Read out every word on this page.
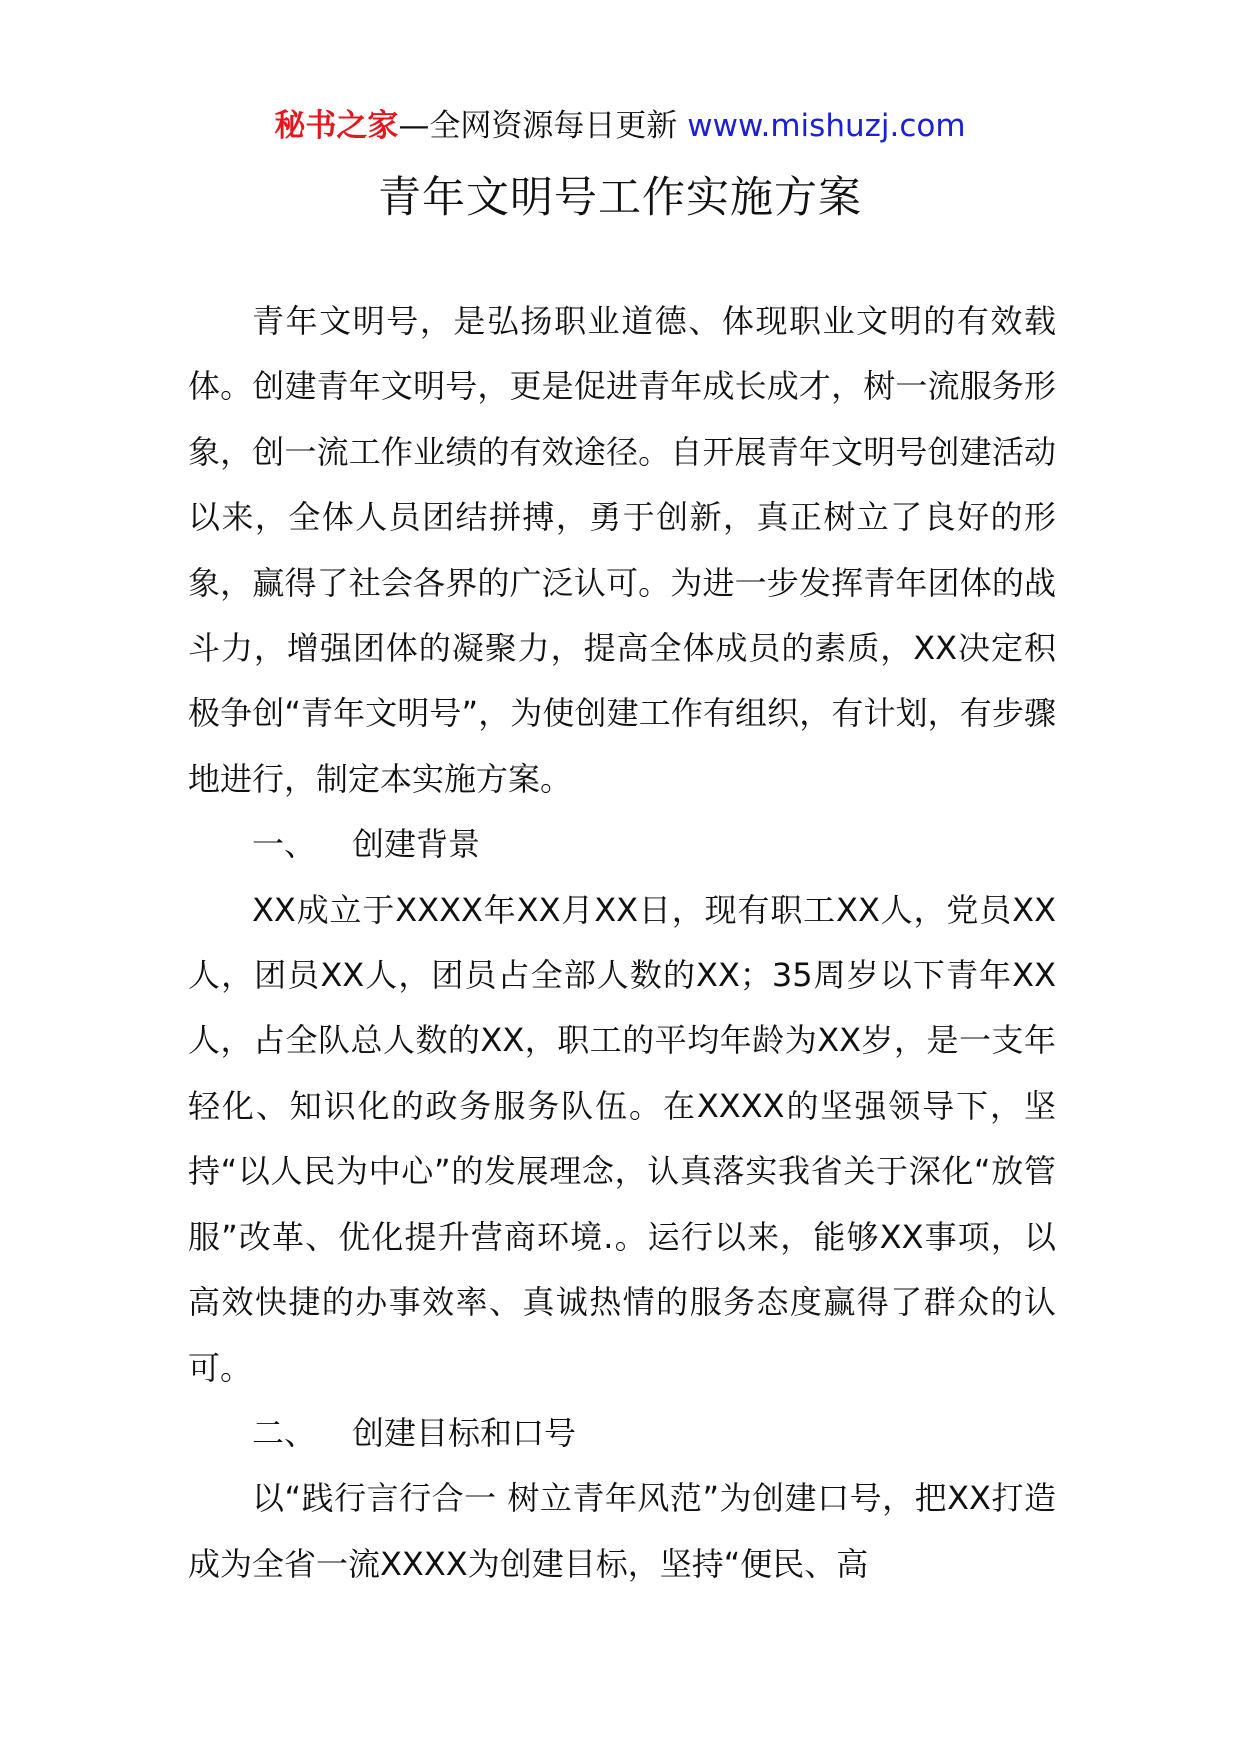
秘书之家—全网资源每日更新 www.mishuzj.com
青年文明号工作实施方案

青年文明号，是弘扬职业道德、体现职业文明的有效载体。创建青年文明号，更是促进青年成长成才，树一流服务形象，创一流工作业绩的有效途径。自开展青年文明号创建活动以来，全体人员团结拼搏，勇于创新，真正树立了良好的形象，赢得了社会各界的广泛认可。为进一步发挥青年团体的战斗力，增强团体的凝聚力，提高全体成员的素质，XX决定积极争创“青年文明号”，为使创建工作有组织，有计划，有步骤地进行，制定本实施方案。

一、 创建背景

XX成立于XXXX年XX月XX日，现有职工XX人，党员XX人，团员XX人，团员占全部人数的XX；35周岁以下青年XX人，占全队总人数的XX，职工的平均年龄为XX岁，是一支年轻化、知识化的政务服务队伍。在XXXX的坚强领导下，坚持“以人民为中心”的发展理念，认真落实我省关于深化“放管服”改革、优化提升营商环境.。运行以来，能够XX事项，以高效快捷的办事效率、真诚热情的服务态度赢得了群众的认可。

二、 创建目标和口号

以“践行言行合一 树立青年风范”为创建口号，把XX打造成为全省一流XXXX为创建目标，坚持“便民、高
